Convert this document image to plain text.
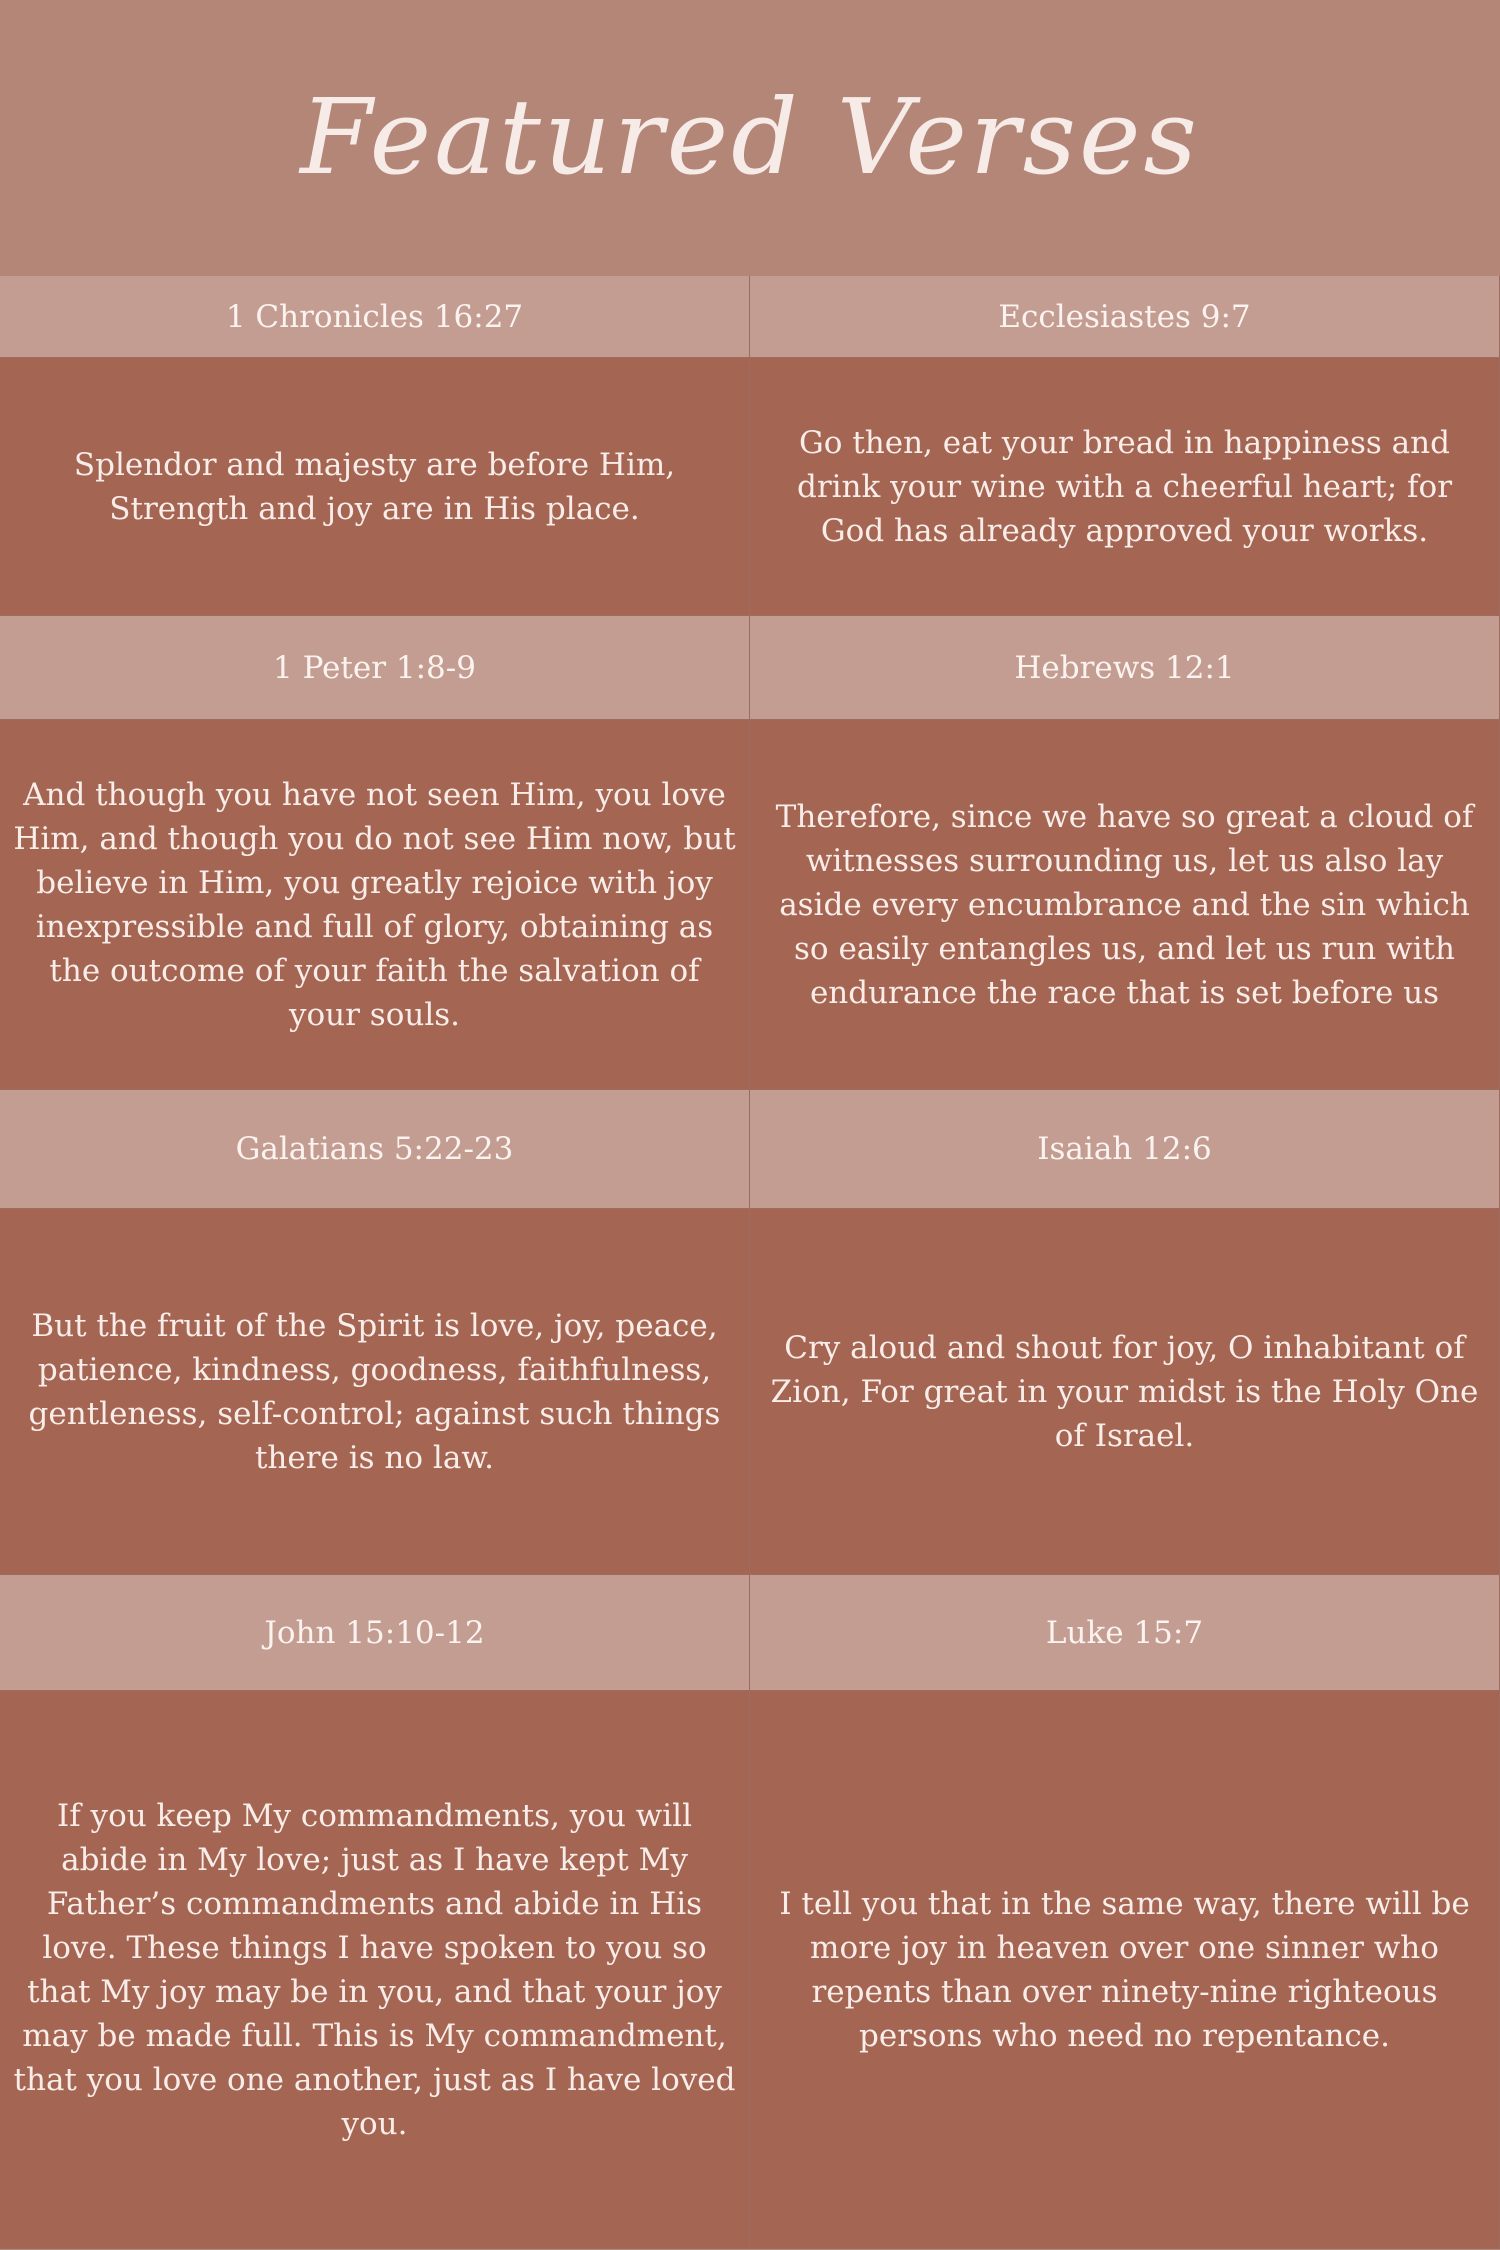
Featured Verses
1 Chronicles 16:27	Ecclesiastes 9:7
Splendor and majesty are before Him, Strength and joy are in His place.
Go then, eat your bread in happiness and drink your wine with a cheerful heart; for God has already approved your works.
1 Peter 1:8-9	Hebrews 12:1
And though you have not seen Him, you love Him, and though you do not see Him now, but believe in Him, you greatly rejoice with joy inexpressible and full of glory, obtaining as the outcome of your faith the salvation of your souls.
Therefore, since we have so great a cloud of witnesses surrounding us, let us also lay aside every encumbrance and the sin which so easily entangles us, and let us run with endurance the race that is set before us
Galatians 5:22-23	Isaiah 12:6
But the fruit of the Spirit is love, joy, peace, patience, kindness, goodness, faithfulness, gentleness, self-control; against such things there is no law.
Cry aloud and shout for joy, O inhabitant of Zion, For great in your midst is the Holy One of Israel.
John 15:10-12	Luke 15:7
If you keep My commandments, you will abide in My love; just as I have kept My Father’s commandments and abide in His love. These things I have spoken to you so that My joy may be in you, and that your joy may be made full. This is My commandment, that you love one another, just as I have loved you.
I tell you that in the same way, there will be more joy in heaven over one sinner who repents than over ninety-nine righteous persons who need no repentance.
